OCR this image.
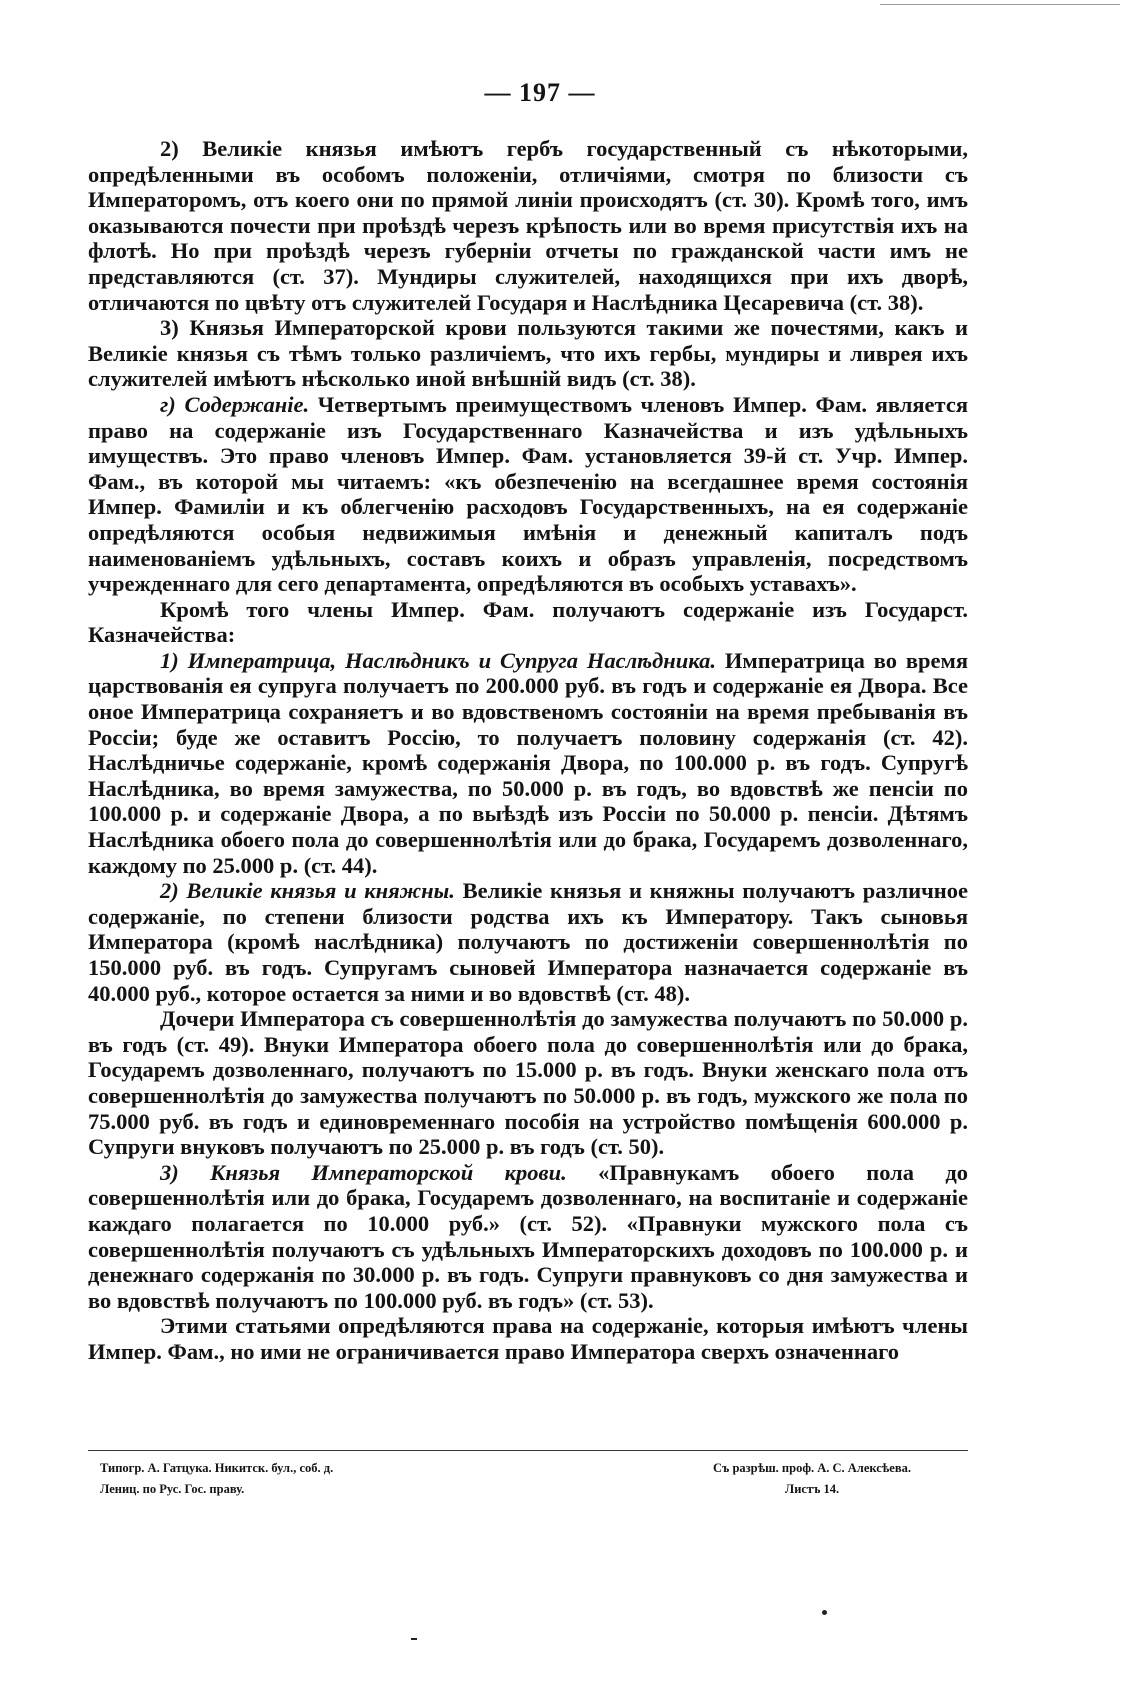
— 197 —

2) Великіе князья имѣютъ гербъ государственный съ нѣкоторыми, опредѣленными въ особомъ положеніи, отличіями, смотря по близости съ Императоромъ, отъ коего они по прямой линіи происходятъ (ст. 30). Кромѣ того, имъ оказываются почести при проѣздѣ черезъ крѣпость или во время присутствія ихъ на флотѣ. Но при проѣздѣ черезъ губерніи отчеты по гражданской части имъ не представляются (ст. 37). Мундиры служителей, находящихся при ихъ дворѣ, отличаются по цвѣту отъ служителей Государя и Наслѣдника Цесаревича (ст. 38).

3) Князья Императорской крови пользуются такими же почестями, какъ и Великіе князья съ тѣмъ только различіемъ, что ихъ гербы, мундиры и ливрея ихъ служителей имѣютъ нѣсколько иной внѣшній видъ (ст. 38).

г) Содержаніе. Четвертымъ преимуществомъ членовъ Импер. Фам. является право на содержаніе изъ Государственнаго Казначейства и изъ удѣльныхъ имуществъ. Это право членовъ Импер. Фам. установляется 39-й ст. Учр. Импер. Фам., въ которой мы читаемъ: «къ обезпеченію на всегдашнее время состоянія Импер. Фамиліи и къ облегченію расходовъ Государственныхъ, на ея содержаніе опредѣляются особыя недвижимыя имѣнія и денежный капиталъ подъ наименованіемъ удѣльныхъ, составъ коихъ и образъ управленія, посредствомъ учрежденнаго для сего департамента, опредѣляются въ особыхъ уставахъ».

Кромѣ того члены Импер. Фам. получаютъ содержаніе изъ Государст. Казначейства:

1) Императрица, Наслѣдникъ и Супруга Наслѣдника. Императрица во время царствованія ея супруга получаетъ по 200.000 руб. въ годъ и содержаніе ея Двора. Все оное Императрица сохраняетъ и во вдовственомъ состояніи на время пребыванія въ Россіи; буде же оставитъ Россію, то получаетъ половину содержанія (ст. 42). Наслѣдничье содержаніе, кромѣ содержанія Двора, по 100.000 р. въ годъ. Супругѣ Наслѣдника, во время замужества, по 50.000 р. въ годъ, во вдовствѣ же пенсіи по 100.000 р. и содержаніе Двора, а по выѣздѣ изъ Россіи по 50.000 р. пенсіи. Дѣтямъ Наслѣдника обоего пола до совершеннолѣтія или до брака, Государемъ дозволеннаго, каждому по 25.000 р. (ст. 44).

2) Великіе князья и княжны. Великіе князья и княжны получаютъ различное содержаніе, по степени близости родства ихъ къ Императору. Такъ сыновья Императора (кромѣ наслѣдника) получаютъ по достиженіи совершеннолѣтія по 150.000 руб. въ годъ. Супругамъ сыновей Императора назначается содержаніе въ 40.000 руб., которое остается за ними и во вдовствѣ (ст. 48).

Дочери Императора съ совершеннолѣтія до замужества получаютъ по 50.000 р. въ годъ (ст. 49). Внуки Императора обоего пола до совершеннолѣтія или до брака, Государемъ дозволеннаго, получаютъ по 15.000 р. въ годъ. Внуки женскаго пола отъ совершеннолѣтія до замужества получаютъ по 50.000 р. въ годъ, мужского же пола по 75.000 руб. въ годъ и единовременнаго пособія на устройство помѣщенія 600.000 р. Супруги внуковъ получаютъ по 25.000 р. въ годъ (ст. 50).

3) Князья Императорской крови. «Правнукамъ обоего пола до совершеннолѣтія или до брака, Государемъ дозволеннаго, на воспитаніе и содержаніе каждаго полагается по 10.000 руб.» (ст. 52). «Правнуки мужского пола съ совершеннолѣтія получаютъ съ удѣльныхъ Императорскихъ доходовъ по 100.000 р. и денежнаго содержанія по 30.000 р. въ годъ. Супруги правнуковъ со дня замужества и во вдовствѣ получаютъ по 100.000 руб. въ годъ» (ст. 53).

Этими статьями опредѣляются права на содержаніе, которыя имѣютъ члены Импер. Фам., но ими не ограничивается право Императора сверхъ означеннаго

Типогр. А. Гатцука. Никитск. бул., соб. д.
Лениц. по Рус. Гос. праву.
Съ разрѣш. проф. А. С. Алексѣева.
Листъ 14.
